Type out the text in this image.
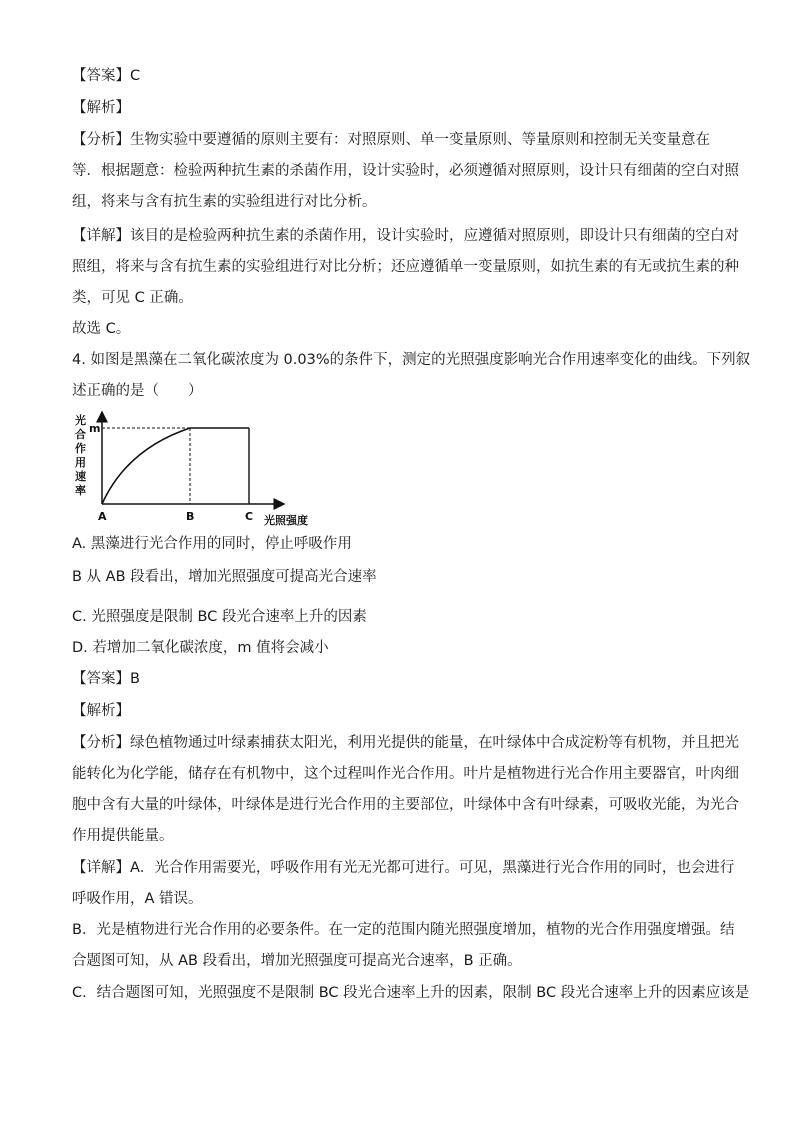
【答案】C
【解析】
【分析】生物实验中要遵循的原则主要有：对照原则、单一变量原则、等量原则和控制无关变量意在
等．根据题意：检验两种抗生素的杀菌作用，设计实验时，必须遵循对照原则，设计只有细菌的空白对照
组，将来与含有抗生素的实验组进行对比分析。
【详解】该目的是检验两种抗生素的杀菌作用，设计实验时，应遵循对照原则，即设计只有细菌的空白对
照组，将来与含有抗生素的实验组进行对比分析；还应遵循单一变量原则，如抗生素的有无或抗生素的种
类，可见 C 正确。
故选 C。
4. 如图是黑藻在二氧化碳浓度为 0.03%的条件下，测定的光照强度影响光合作用速率变化的曲线。下列叙
述正确的是（　　）
光
合
作
用
速
率
m
A	B	C 光照强度
A. 黑藻进行光合作用的同时，停止呼吸作用
B 从 AB 段看出，增加光照强度可提高光合速率
C. 光照强度是限制 BC 段光合速率上升的因素
D. 若增加二氧化碳浓度，m 值将会减小
【答案】B
【解析】
【分析】绿色植物通过叶绿素捕获太阳光，利用光提供的能量，在叶绿体中合成淀粉等有机物，并且把光
能转化为化学能，储存在有机物中，这个过程叫作光合作用。叶片是植物进行光合作用主要器官，叶肉细
胞中含有大量的叶绿体，叶绿体是进行光合作用的主要部位，叶绿体中含有叶绿素，可吸收光能，为光合
作用提供能量。
【详解】A．光合作用需要光，呼吸作用有光无光都可进行。可见，黑藻进行光合作用的同时，也会进行
呼吸作用，A 错误。
B．光是植物进行光合作用的必要条件。在一定的范围内随光照强度增加，植物的光合作用强度增强。结
合题图可知，从 AB 段看出，增加光照强度可提高光合速率，B 正确。
C．结合题图可知，光照强度不是限制 BC 段光合速率上升的因素，限制 BC 段光合速率上升的因素应该是
